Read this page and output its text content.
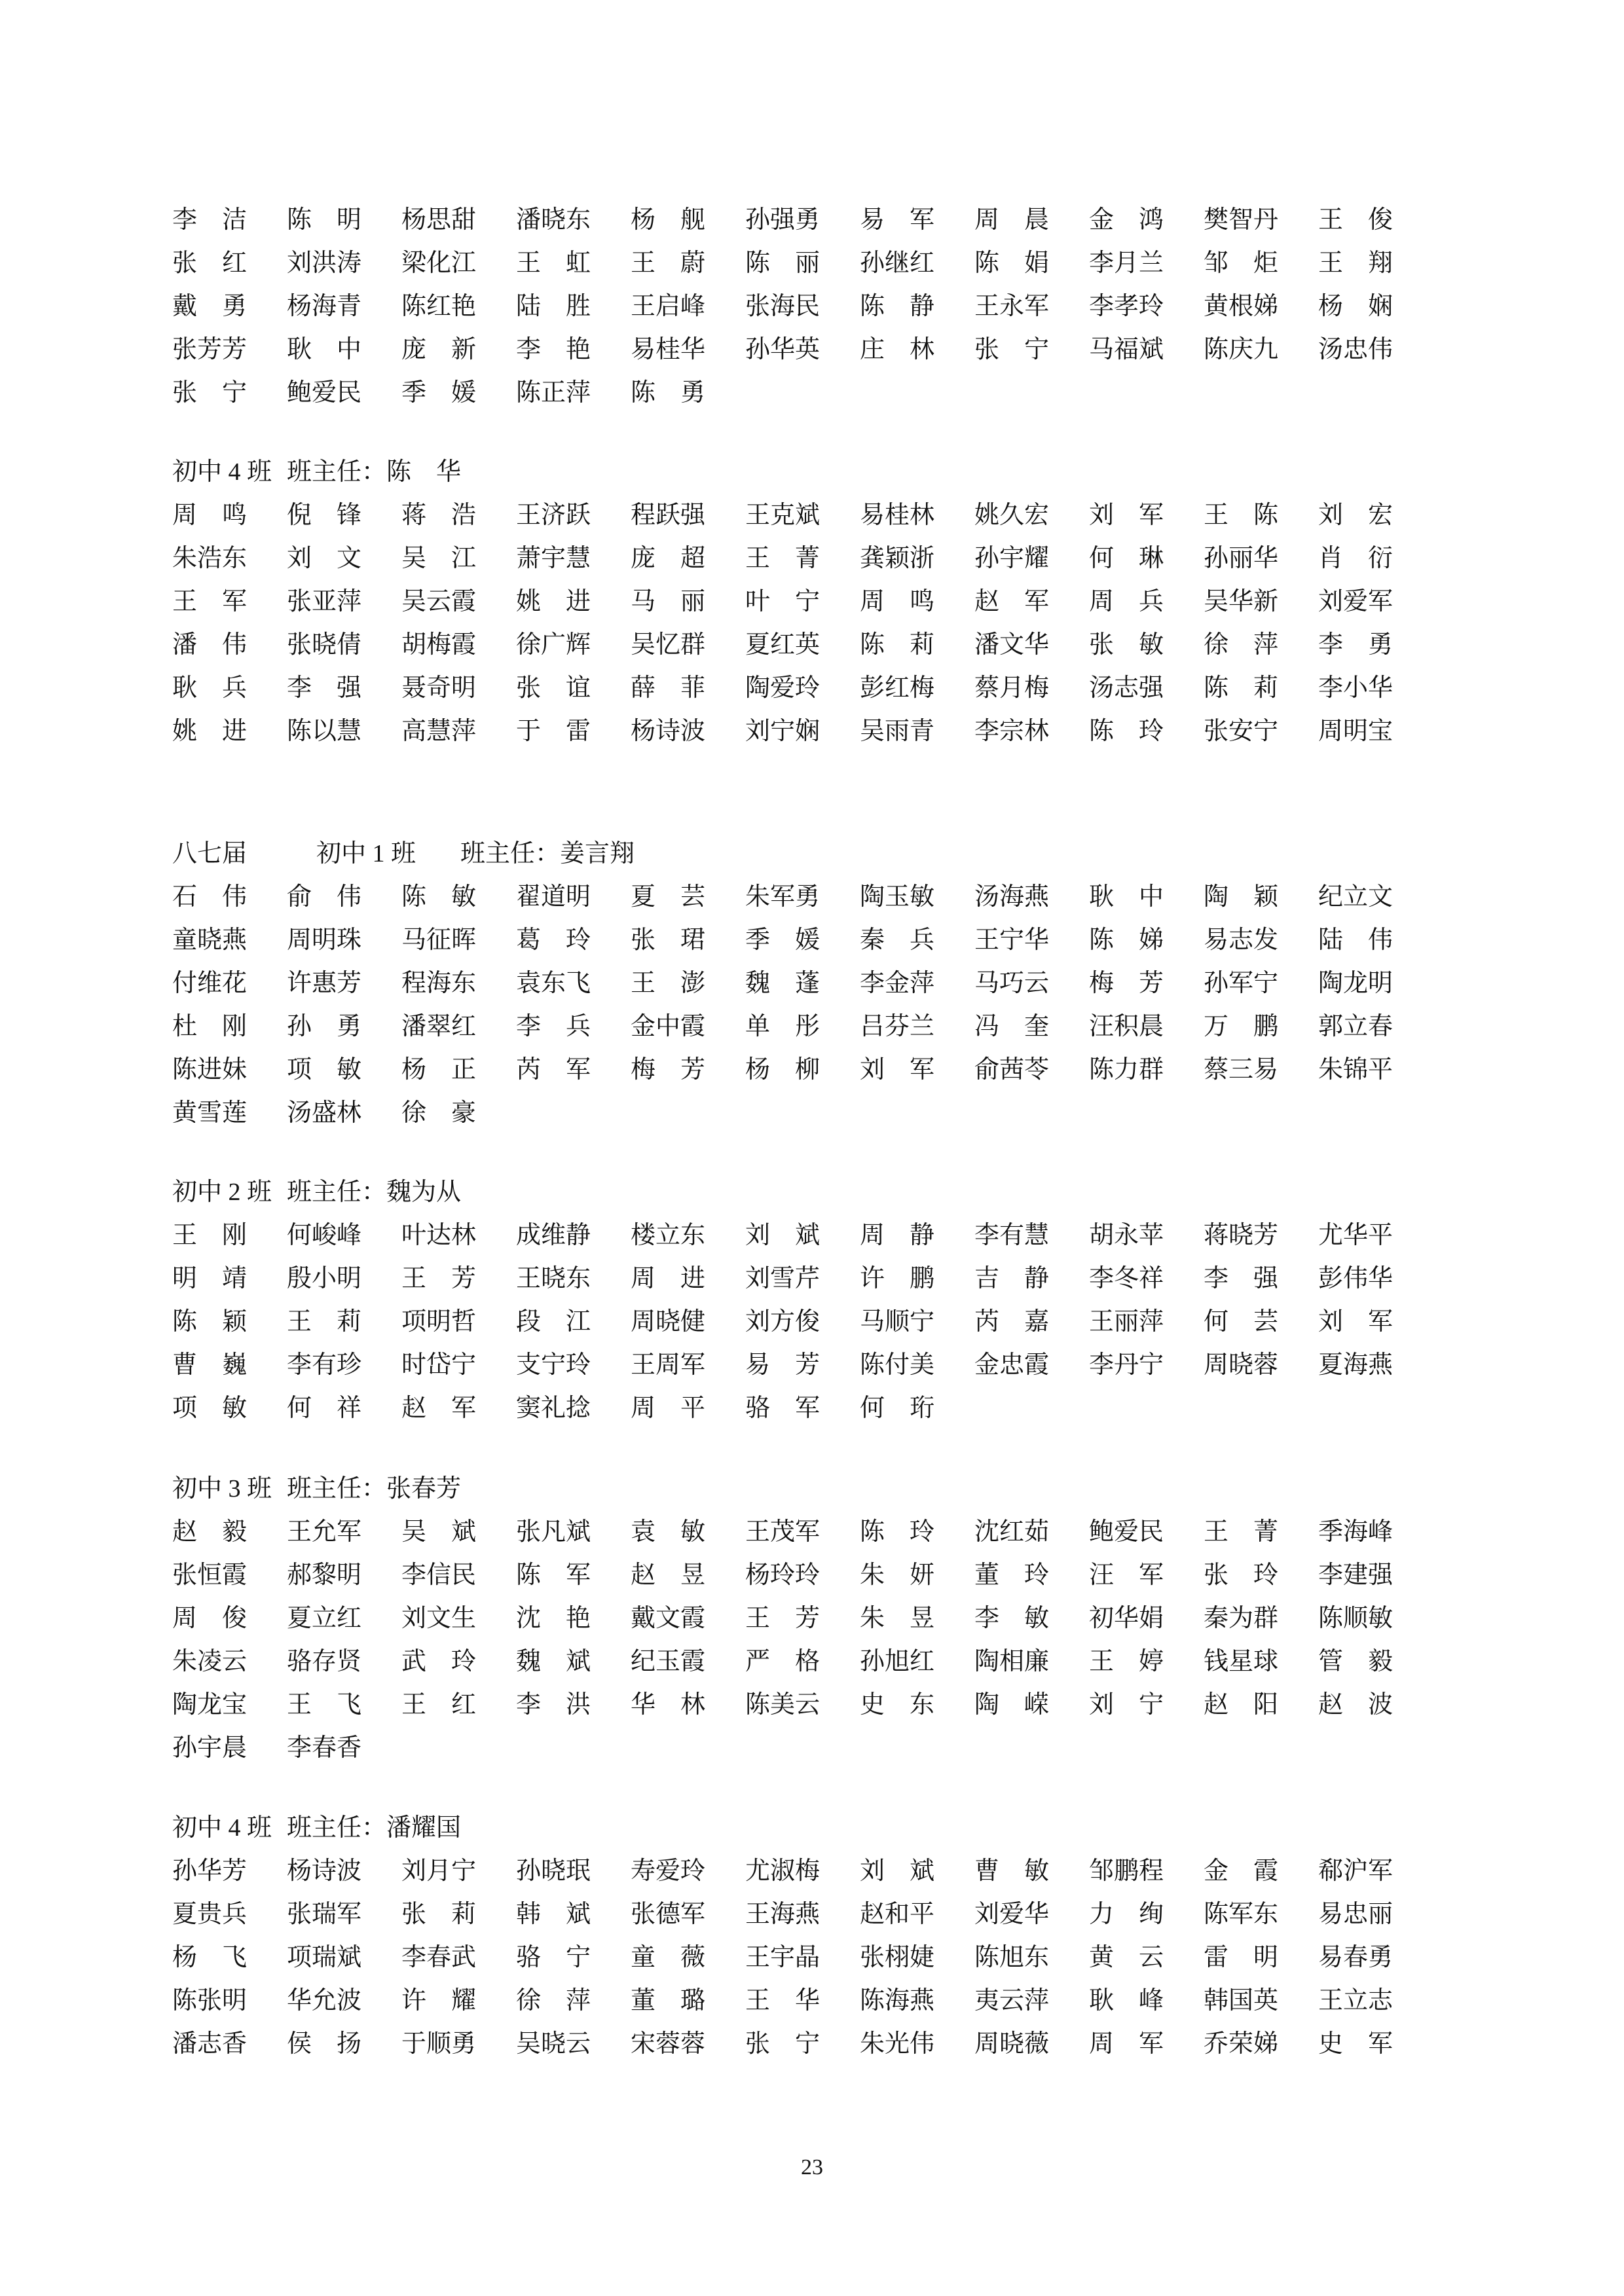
李　洁	陈　明	杨思甜	潘晓东	杨　舰	孙强勇	易　军	周　晨	金　鸿	樊智丹	王　俊
张　红	刘洪涛	梁化江	王　虹	王　蔚	陈　丽	孙继红	陈　娟	李月兰	邹　炬	王　翔
戴　勇	杨海青	陈红艳	陆　胜	王启峰	张海民	陈　静	王永军	李孝玲	黄根娣	杨　娴
张芳芳	耿　中	庞　新	李　艳	易桂华	孙华英	庄　林	张　宁	马福斌	陈庆九	汤忠伟
张　宁	鲍爱民	季　媛	陈正萍	陈　勇
初中 4 班 班主任：陈　华
周　鸣	倪　锋	蒋　浩	王济跃	程跃强	王克斌	易桂林	姚久宏	刘　军	王　陈	刘　宏
朱浩东	刘　文	吴　江	萧宇慧	庞　超	王　菁	龚颖浙	孙宇耀	何　琳	孙丽华	肖　衍
王　军	张亚萍	吴云霞	姚　进	马　丽	叶　宁	周　鸣	赵　军	周　兵	吴华新	刘爱军
潘　伟	张晓倩	胡梅霞	徐广辉	吴忆群	夏红英	陈　莉	潘文华	张　敏	徐　萍	李　勇
耿　兵	李　强	聂奇明	张　谊	薛　菲	陶爱玲	彭红梅	蔡月梅	汤志强	陈　莉	李小华
姚　进	陈以慧	高慧萍	于　雷	杨诗波	刘宁娴	吴雨青	李宗林	陈　玲	张安宁	周明宝
八七届	初中 1 班 班主任：姜言翔
石　伟	俞　伟	陈　敏	翟道明	夏　芸	朱军勇	陶玉敏	汤海燕	耿　中	陶　颖	纪立文
童晓燕	周明珠	马征晖	葛　玲	张　珺	季　媛	秦　兵	王宁华	陈　娣	易志发	陆　伟
付维花	许惠芳	程海东	袁东飞	王　澎	魏　蓬	李金萍	马巧云	梅　芳	孙军宁	陶龙明
杜　刚	孙　勇	潘翠红	李　兵	金中霞	单　彤	吕芬兰	冯　奎	汪积晨	万　鹏	郭立春
陈进妹	项　敏	杨　正	芮　军	梅　芳	杨　柳	刘　军	俞茜苓	陈力群	蔡三易	朱锦平
黄雪莲	汤盛林	徐　豪
初中 2 班 班主任：魏为从
王　刚	何峻峰	叶达林	成维静	楼立东	刘　斌	周　静	李有慧	胡永苹	蒋晓芳	尤华平
明　靖	殷小明	王　芳	王晓东	周　进	刘雪芹	许　鹏	吉　静	李冬祥	李　强	彭伟华
陈　颖	王　莉	项明哲	段　江	周晓健	刘方俊	马顺宁	芮　嘉	王丽萍	何　芸	刘　军
曹　巍	李有珍	时岱宁	支宁玲	王周军	易　芳	陈付美	金忠霞	李丹宁	周晓蓉	夏海燕
项　敏	何　祥	赵　军	窦礼捻	周　平	骆　军	何　珩
初中 3 班 班主任：张春芳
赵　毅	王允军	吴　斌	张凡斌	袁　敏	王茂军	陈　玲	沈红茹	鲍爱民	王　菁	季海峰
张恒霞	郝黎明	李信民	陈　军	赵　昱	杨玲玲	朱　妍	董　玲	汪　军	张　玲	李建强
周　俊	夏立红	刘文生	沈　艳	戴文霞	王　芳	朱　昱	李　敏	初华娟	秦为群	陈顺敏
朱凌云	骆存贤	武　玲	魏　斌	纪玉霞	严　格	孙旭红	陶相廉	王　婷	钱星球	管　毅
陶龙宝	王　飞	王　红	李　洪	华　林	陈美云	史　东	陶　嵘	刘　宁	赵　阳	赵　波
孙宇晨	李春香
初中 4 班 班主任：潘耀国
孙华芳	杨诗波	刘月宁	孙晓珉	寿爱玲	尤淑梅	刘　斌	曹　敏	邹鹏程	金　霞	郗沪军
夏贵兵	张瑞军	张　莉	韩　斌	张德军	王海燕	赵和平	刘爱华	力　绚	陈军东	易忠丽
杨　飞	项瑞斌	李春武	骆　宁	童　薇	王宇晶	张栩婕	陈旭东	黄　云	雷　明	易春勇
陈张明	华允波	许　耀	徐　萍	董　璐	王　华	陈海燕	夷云萍	耿　峰	韩国英	王立志
潘志香	侯　扬	于顺勇	吴晓云	宋蓉蓉	张　宁	朱光伟	周晓薇	周　军	乔荣娣	史　军
23
